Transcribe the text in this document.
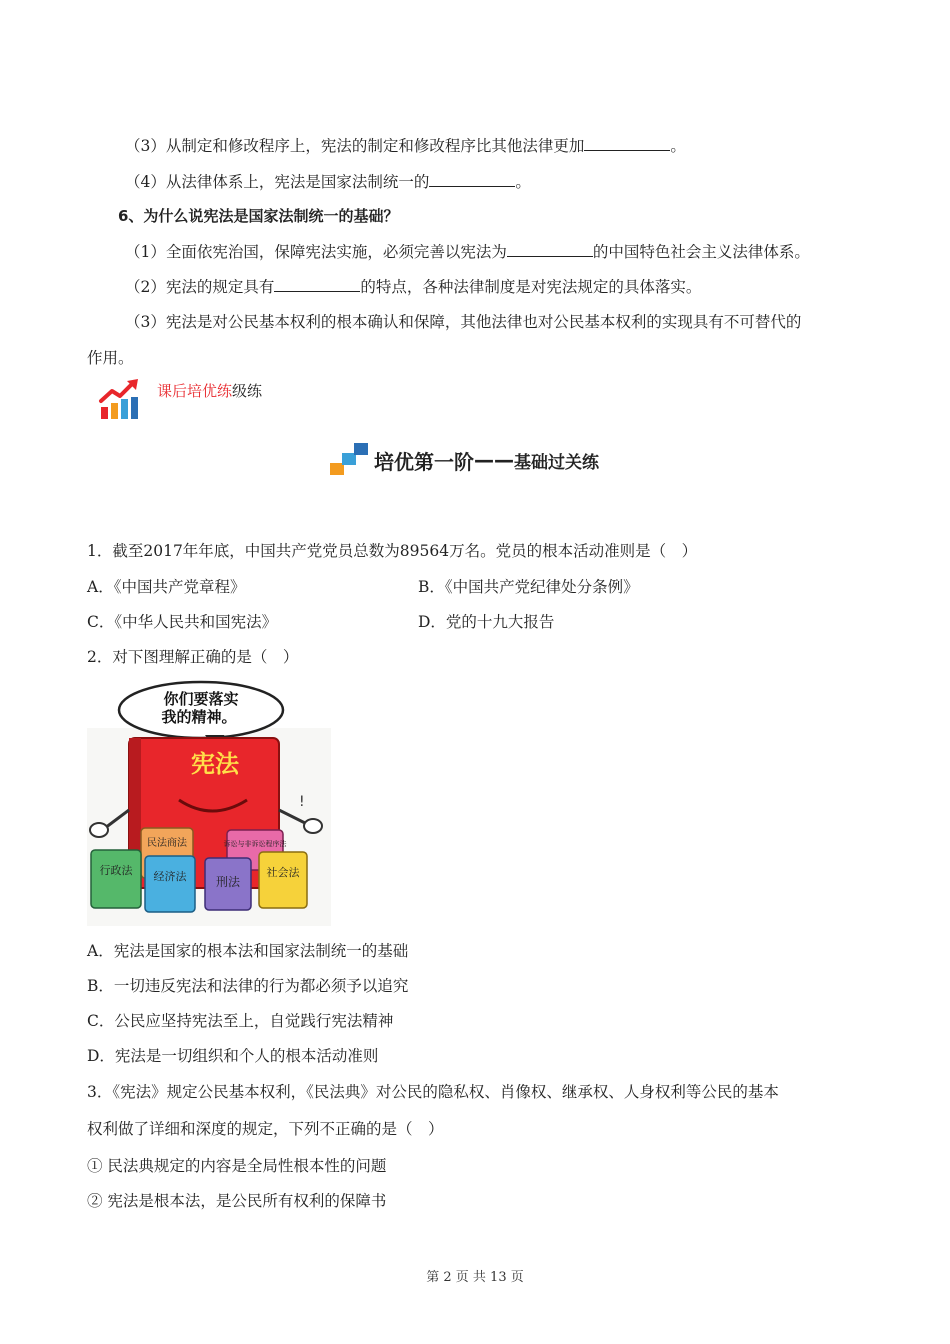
（3）从制定和修改程序上，宪法的制定和修改程序比其他法律更加	。
（4）从法律体系上，宪法是国家法制统一的	。
6、为什么说宪法是国家法制统一的基础？
（1）全面依宪治国，保障宪法实施，必须完善以宪法为	的中国特色社会主义法律体系。
（2）宪法的规定具有	的特点，各种法律制度是对宪法规定的具体落实。
（3）宪法是对公民基本权利的根本确认和保障，其他法律也对公民基本权利的实现具有不可替代的
作用。
课后培优练级练
培优第一阶 —— 基础过关练
1．截至2017年年底，中国共产党党员总数为89564万名。党员的根本活动准则是（　）
A．《中国共产党章程》	B．《中国共产党纪律处分条例》
C．《中华人民共和国宪法》	D．党的十九大报告
2．对下图理解正确的是（　）
你们要落实
我的精神。
宪法
!
民法商法
行政法 经济法
诉讼与非诉讼程序法
刑法
社会法
A．宪法是国家的根本法和国家法制统一的基础
B．一切违反宪法和法律的行为都必须予以追究
C．公民应坚持宪法至上，自觉践行宪法精神
D．宪法是一切组织和个人的根本活动准则
3．《宪法》规定公民基本权利，《民法典》对公民的隐私权、肖像权、继承权、人身权利等公民的基本
权利做了详细和深度的规定，下列不正确的是（　）
① 民法典规定的内容是全局性根本性的问题
② 宪法是根本法，是公民所有权利的保障书
第 2 页 共 13 页
